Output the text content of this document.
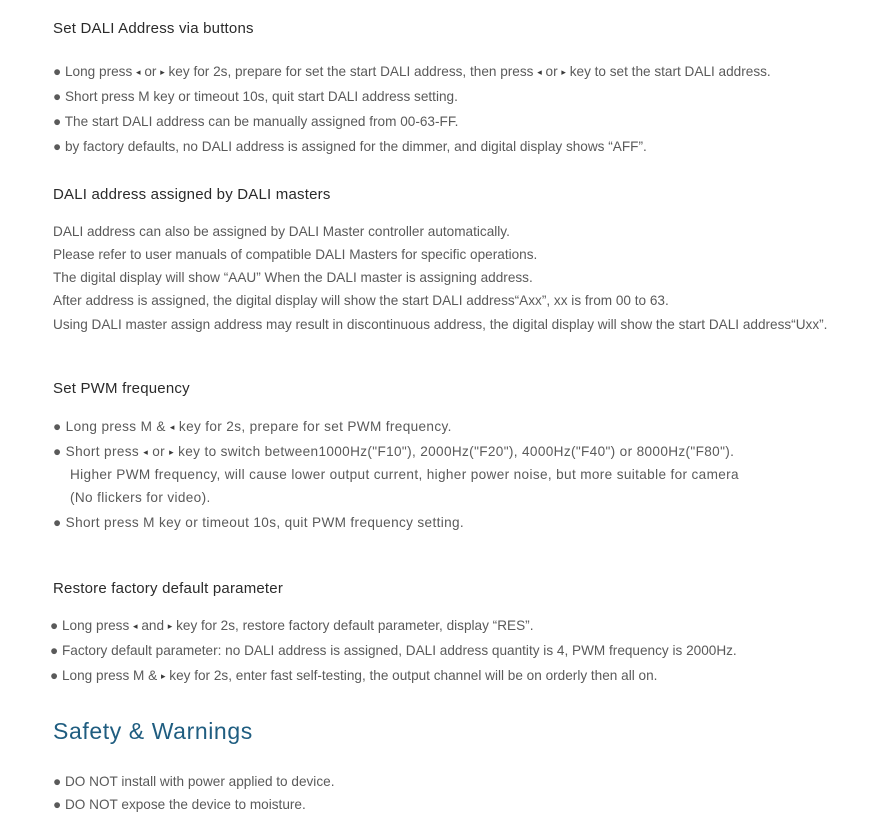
Set DALI Address via buttons
● Long press ◂ or ▸ key for 2s, prepare for set the start DALI address, then press ◂ or ▸ key to set the start DALI address.
● Short press M key or timeout 10s, quit start DALI address setting.
● The start DALI address can be manually assigned from 00-63-FF.
● by factory defaults, no DALI address is assigned for the dimmer, and digital display shows “AFF”.
DALI address assigned by DALI masters
DALI address can also be assigned by DALI Master controller automatically.
Please refer to user manuals of compatible DALI Masters for specific operations.
The digital display will show “AAU” When the DALI master is assigning address.
After address is assigned, the digital display will show the start DALI address“Axx”, xx is from 00 to 63.
Using DALI master assign address may result in discontinuous address, the digital display will show the start DALI address“Uxx”.
Set PWM frequency
● Long press M & ◂ key for 2s, prepare for set PWM frequency.
● Short press ◂ or ▸ key to switch between1000Hz("F10"), 2000Hz("F20"), 4000Hz("F40") or 8000Hz("F80").
Higher PWM frequency, will cause lower output current, higher power noise, but more suitable for camera
(No flickers for video).
● Short press M key or timeout 10s, quit PWM frequency setting.
Restore factory default parameter
● Long press ◂ and ▸ key for 2s, restore factory default parameter, display “RES”.
● Factory default parameter: no DALI address is assigned, DALI address quantity is 4, PWM frequency is 2000Hz.
● Long press M & ▸ key for 2s, enter fast self-testing, the output channel will be on orderly then all on.
Safety & Warnings
● DO NOT install with power applied to device.
● DO NOT expose the device to moisture.
